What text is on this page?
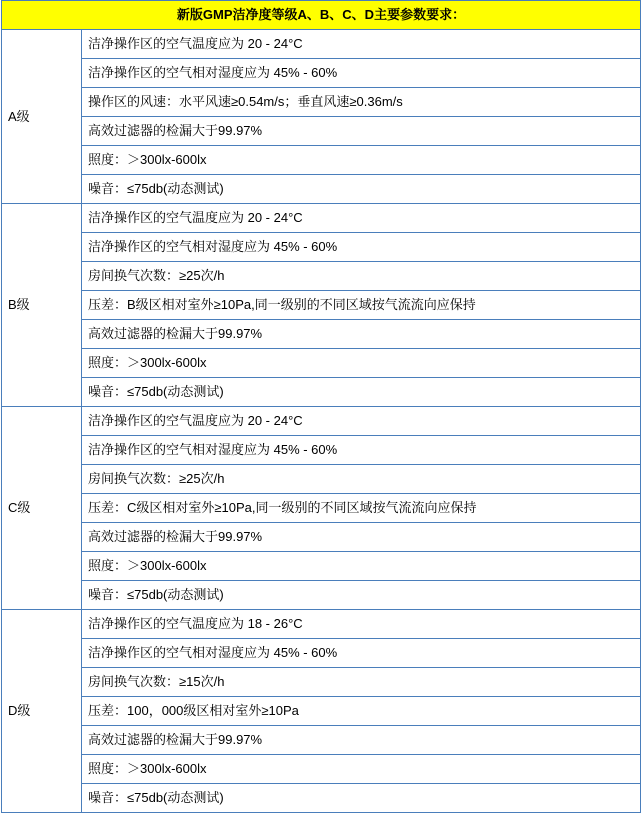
新版GMP洁净度等级A、B、C、D主要参数要求：	
A级	洁净操作区的空气温度应为 20 - 24°C
	洁净操作区的空气相对湿度应为 45% - 60%
	操作区的风速：水平风速≥0.54m/s；垂直风速≥0.36m/s
	高效过滤器的检漏大于99.97%
	照度：＞300lx-600lx
	噪音：≤75db(动态测试)
B级	洁净操作区的空气温度应为 20 - 24°C
	洁净操作区的空气相对湿度应为 45% - 60%
	房间换气次数：≥25次/h
	压差：B级区相对室外≥10Pa,同一级别的不同区域按气流流向应保持
	高效过滤器的检漏大于99.97%
	照度：＞300lx-600lx
	噪音：≤75db(动态测试)
C级	洁净操作区的空气温度应为 20 - 24°C
	洁净操作区的空气相对湿度应为 45% - 60%
	房间换气次数：≥25次/h
	压差：C级区相对室外≥10Pa,同一级别的不同区域按气流流向应保持
	高效过滤器的检漏大于99.97%
	照度：＞300lx-600lx
	噪音：≤75db(动态测试)
D级	洁净操作区的空气温度应为 18 - 26°C
	洁净操作区的空气相对湿度应为 45% - 60%
	房间换气次数：≥15次/h
	压差：100，000级区相对室外≥10Pa
	高效过滤器的检漏大于99.97%
	照度：＞300lx-600lx
	噪音：≤75db(动态测试)
